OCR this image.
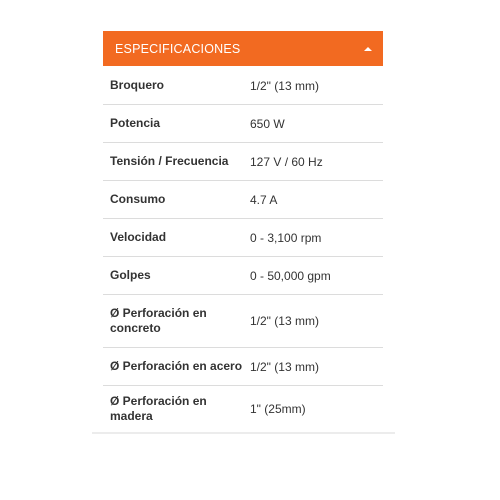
ESPECIFICACIONES
Broquero	1/2" (13 mm)
Potencia	650 W
Tensión / Frecuencia	127 V / 60 Hz
Consumo	4.7 A
Velocidad	0 - 3,100 rpm
Golpes	0 - 50,000 gpm
Ø Perforación en concreto	1/2" (13 mm)
Ø Perforación en acero 1/2" (13 mm)
Ø Perforación en madera	1" (25mm)
